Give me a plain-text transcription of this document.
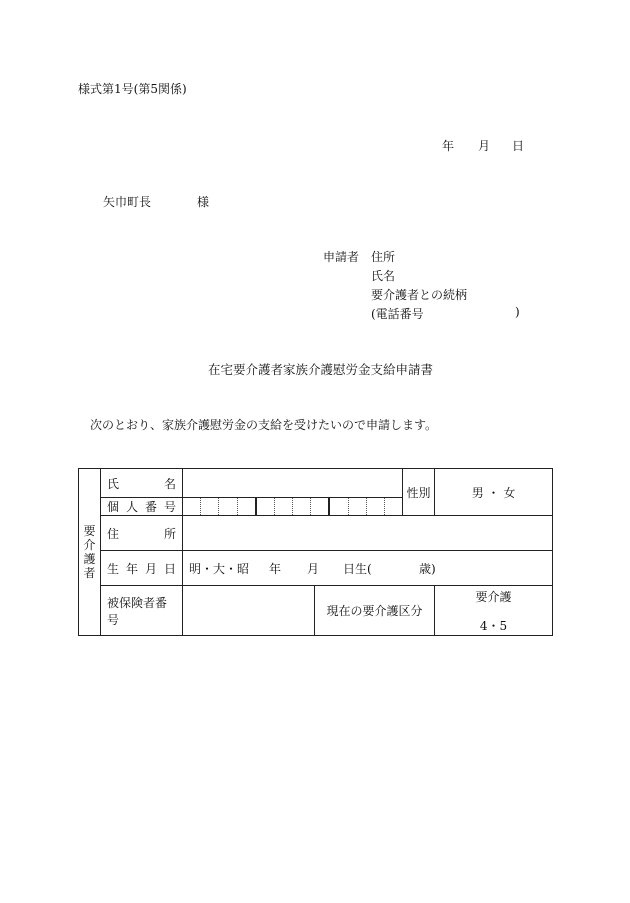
様式第1号(第5関係)
年 月 日
矢巾町長	様
申請者 住所
氏名
要介護者との続柄
(電話番号	)
在宅要介護者家族介護慰労金支給申請書
次のとおり、家族介護慰労金の支給を受けたいので申請します。
要
介
護
者	氏 名			性別	男 ・ 女

	個 人 番 号				

	住 所				

	生 年 月 日	明・大・昭 年 月 日生( 歳)			

	被保険者番号		現在の要介護区分		要介護
4・5
